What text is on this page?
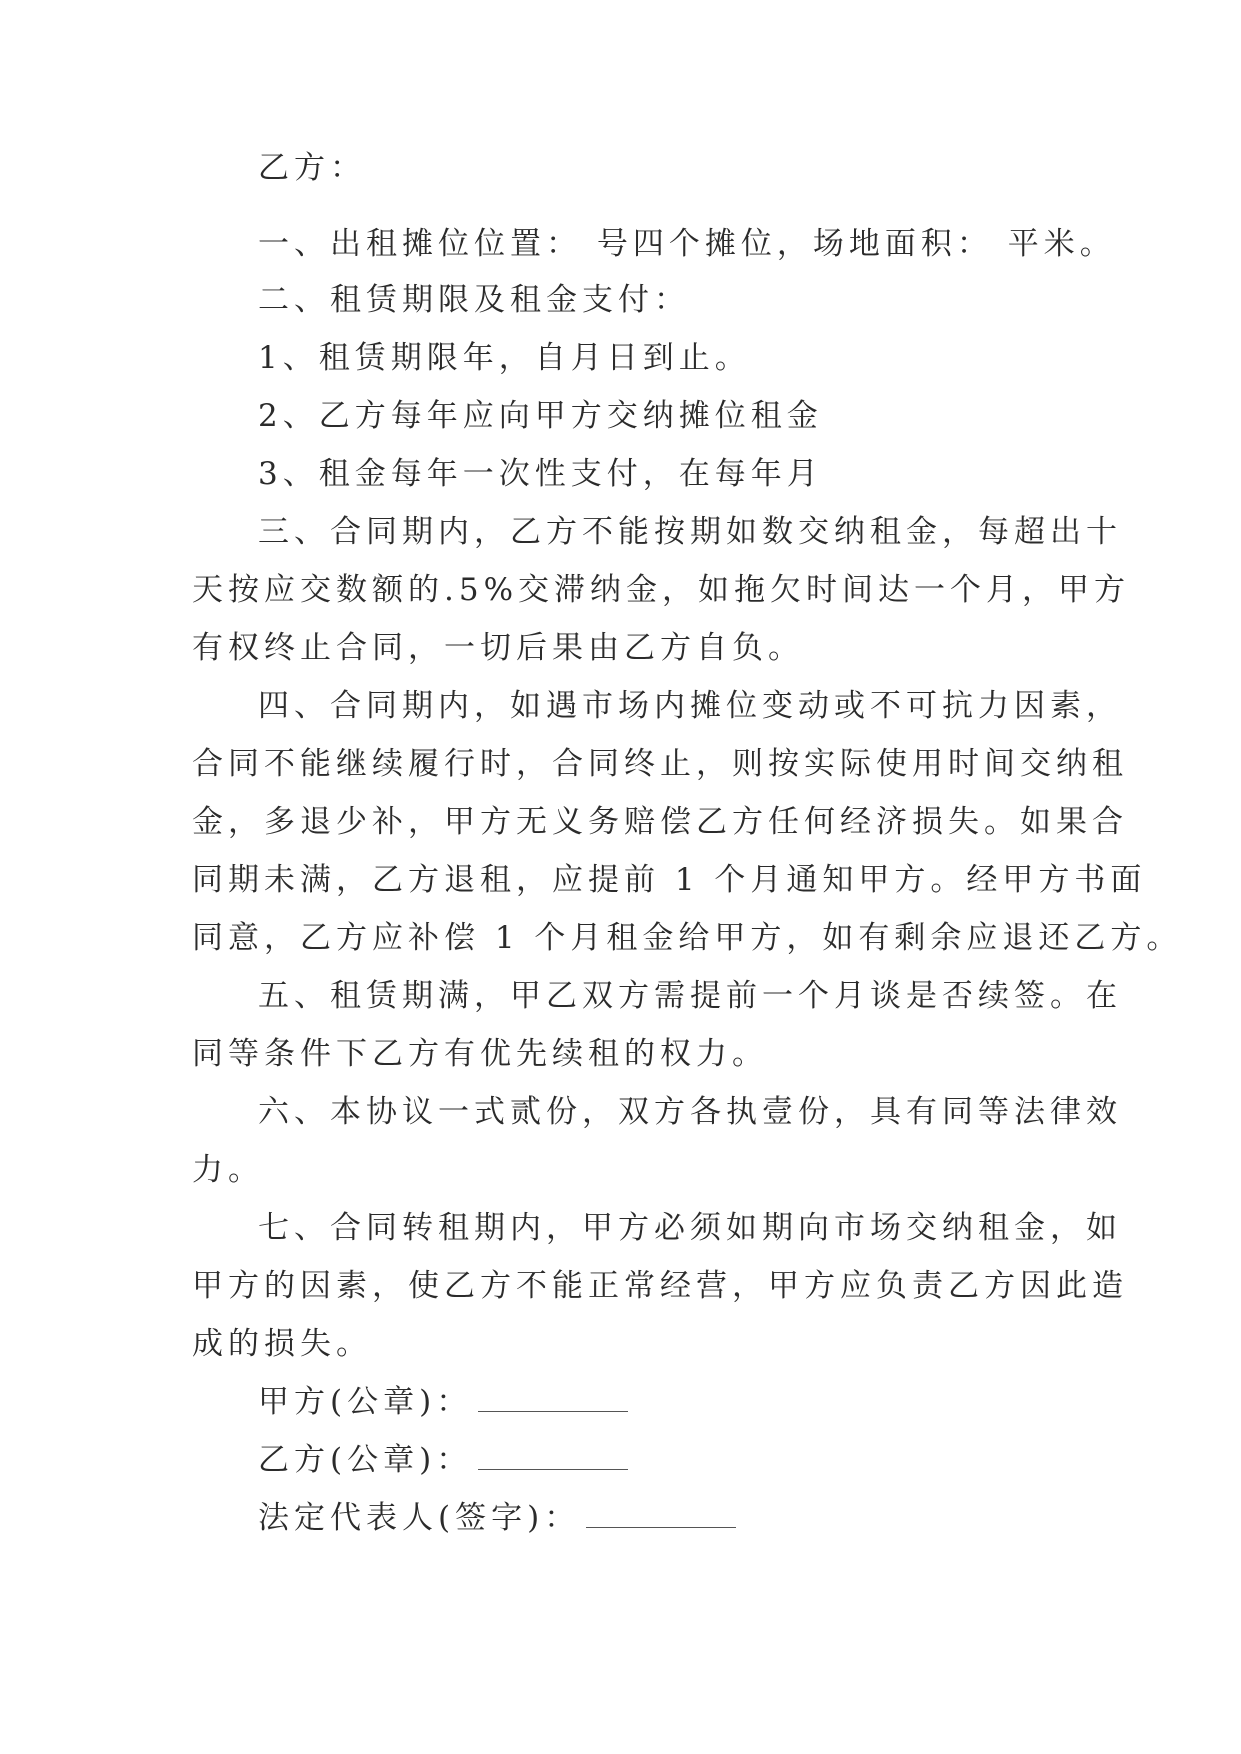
乙方：
一、出租摊位位置： 号四个摊位，场地面积： 平米。
二、租赁期限及租金支付：
1、租赁期限年，自月日到止。
2、乙方每年应向甲方交纳摊位租金
3、租金每年一次性支付，在每年月
三、合同期内，乙方不能按期如数交纳租金，每超出十
天按应交数额的.5%交滞纳金，如拖欠时间达一个月，甲方
有权终止合同，一切后果由乙方自负。
四、合同期内，如遇市场内摊位变动或不可抗力因素，
合同不能继续履行时，合同终止，则按实际使用时间交纳租
金，多退少补，甲方无义务赔偿乙方任何经济损失。如果合
同期未满，乙方退租，应提前 1 个月通知甲方。经甲方书面
同意，乙方应补偿 1 个月租金给甲方，如有剩余应退还乙方。
五、租赁期满，甲乙双方需提前一个月谈是否续签。在
同等条件下乙方有优先续租的权力。
六、本协议一式贰份，双方各执壹份，具有同等法律效
力。
七、合同转租期内，甲方必须如期向市场交纳租金，如
甲方的因素，使乙方不能正常经营，甲方应负责乙方因此造
成的损失。
甲方(公章)：
乙方(公章)：
法定代表人(签字)：
